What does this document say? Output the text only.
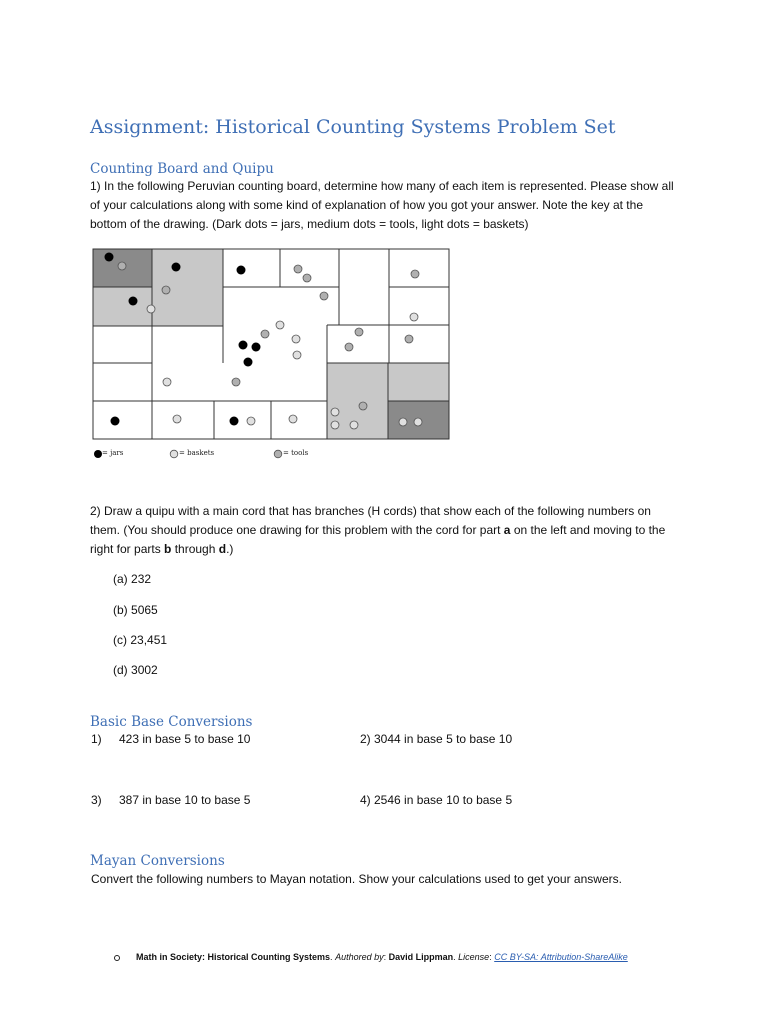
Assignment: Historical Counting Systems Problem Set
Counting Board and Quipu
1) In the following Peruvian counting board, determine how many of each item is represented. Please show all of your calculations along with some kind of explanation of how you got your answer. Note the key at the bottom of the drawing. (Dark dots = jars, medium dots = tools, light dots = baskets)
= jars	= baskets	= tools
2) Draw a quipu with a main cord that has branches (H cords) that show each of the following numbers on them. (You should produce one drawing for this problem with the cord for part a on the left and moving to the right for parts b through d.)
(a) 232
(b) 5065
(c) 23,451
(d) 3002
Basic Base Conversions
1) 423 in base 5 to base 10	2) 3044 in base 5 to base 10
3) 387 in base 10 to base 5	4) 2546 in base 10 to base 5
Mayan Conversions
Convert the following numbers to Mayan notation. Show your calculations used to get your answers.
Math in Society: Historical Counting Systems. Authored by: David Lippman. License: CC BY-SA: Attribution-ShareAlike
